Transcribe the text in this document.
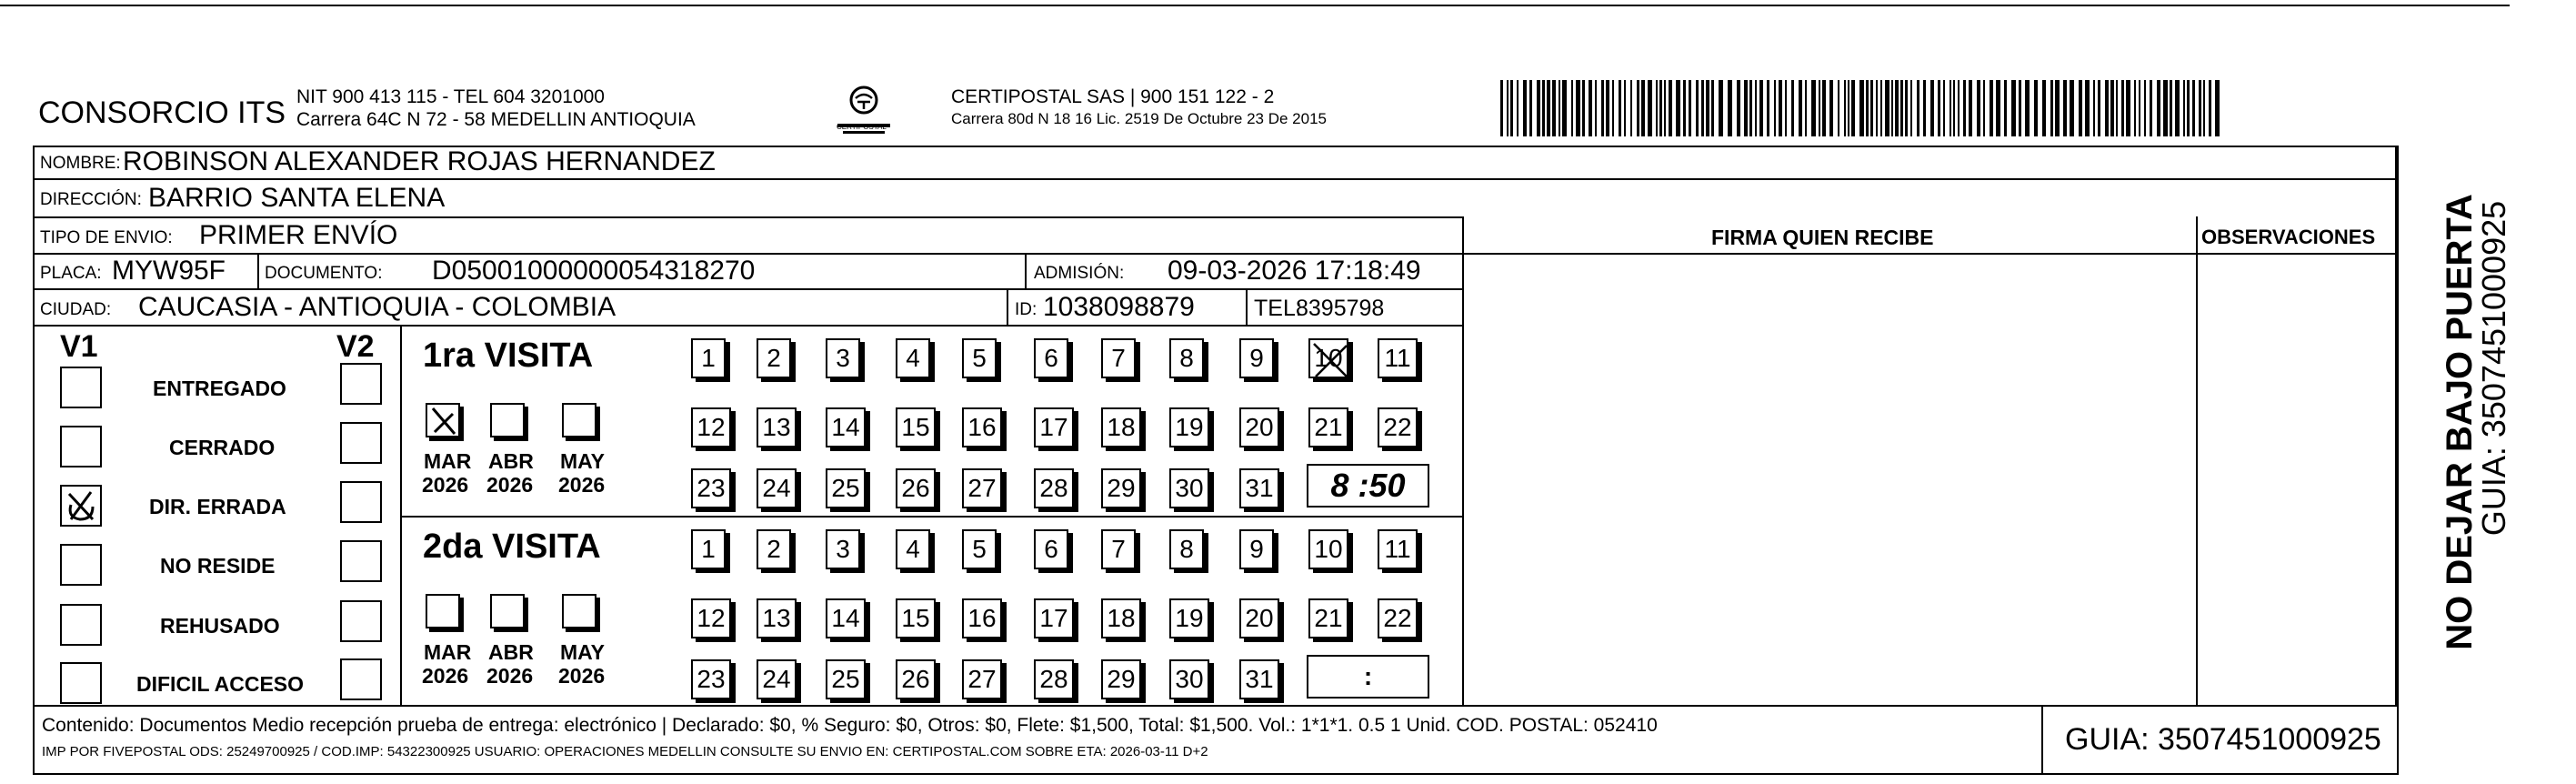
CONSORCIO ITS NIT 900 413 115 - TEL 604 3201000
Carrera 64C N 72 - 58 MEDELLIN ANTIOQUIA	CERTIPOSTAL
CERTIPOSTAL SAS | 900 151 122 - 2
Carrera 80d N 18 16 Lic. 2519 De Octubre 23 De 2015
NOMBRE: ROBINSON ALEXANDER ROJAS HERNANDEZ
DIRECCIÓN: BARRIO SANTA ELENA
TIPO DE ENVIO: PRIMER ENVÍO	FIRMA QUIEN RECIBE	OBSERVACIONES
PLACA: MYW95F DOCUMENTO: D05001000000054318270	ADMISIÓN: 09-03-2026 17:18:49
CIUDAD: CAUCASIA - ANTIOQUIA - COLOMBIA	ID: 1038098879	TEL:
8395798
V1	V2
ENTREGADO
CERRADO
DIR. ERRADA
NO RESIDE
REHUSADO
DIFICIL ACCESO
1ra VISITA
MAR
2026
ABR
2026
MAY
2026
1 2 3 4 5 6 7 8 9 10 11
12 13 14 15 16 17 18 19 20 21 22
23 24 25 26 27 28 29 30 31 8 :50
2da VISITA
MAR
2026
ABR
2026
MAY
2026
1 2 3 4 5 6 7 8 9 10 11
12 13 14 15 16 17 18 19 20 21 22
23 24 25 26 27 28 29 30 31	:
Contenido: Documentos Medio recepción prueba de entrega: electrónico | Declarado: $0, % Seguro: $0, Otros: $0, Flete: $1,500, Total: $1,500. Vol.: 1*1*1. 0.5 1 Unid. COD. POSTAL: 052410
IMP POR FIVEPOSTAL ODS: 25249700925 / COD.IMP: 54322300925 USUARIO: OPERACIONES MEDELLIN CONSULTE SU ENVIO EN: CERTIPOSTAL.COM SOBRE ETA: 2026-03-11 D+2	GUIA: 3507451000925
NO DEJAR BAJO PUERTA
GUIA: 3507451000925
